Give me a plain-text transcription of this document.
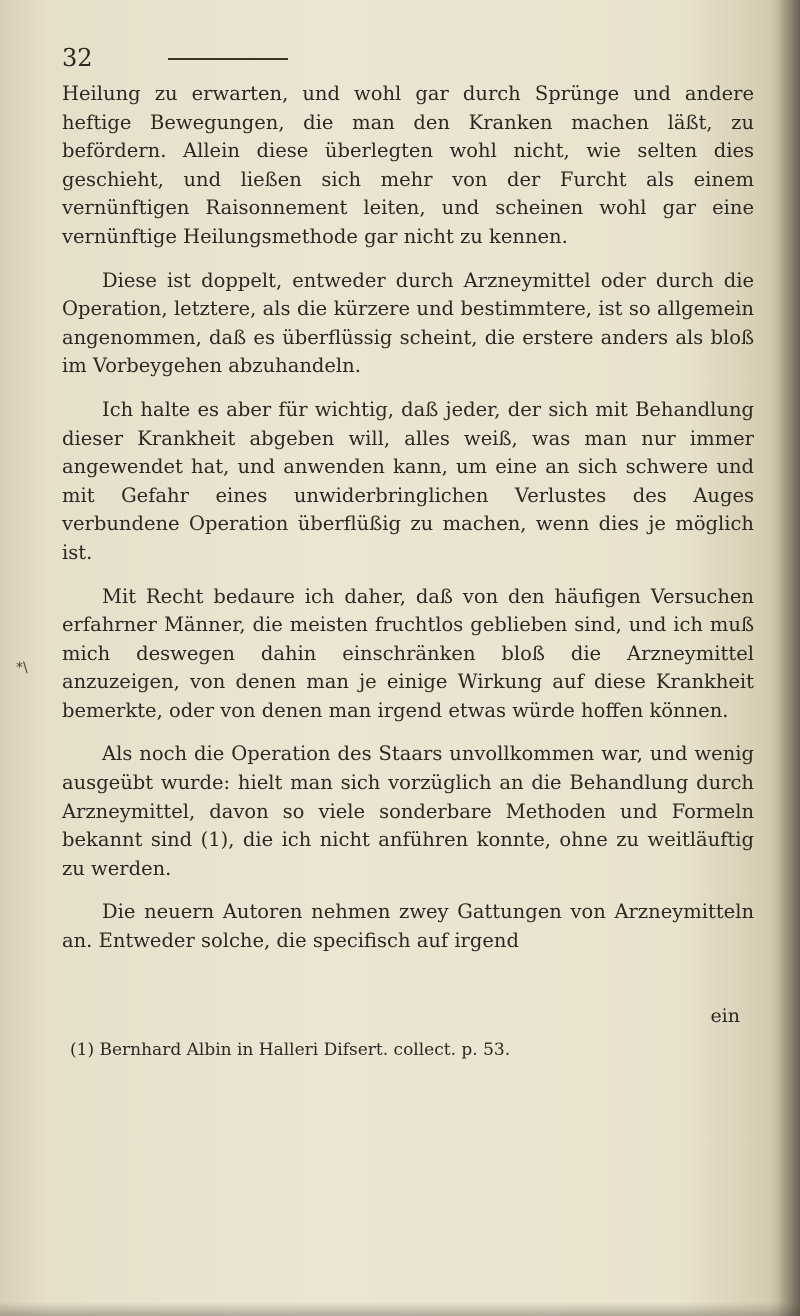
32

Heilung zu erwarten, und wohl gar durch Sprünge und andere heftige Bewegungen, die man den Kranken machen läßt, zu befördern. Allein diese überlegten wohl nicht, wie selten dies geschieht, und ließen sich mehr von der Furcht als einem vernünftigen Raisonnement leiten, und scheinen wohl gar eine vernünftige Heilungsmethode gar nicht zu kennen.

Diese ist doppelt, entweder durch Arzneymittel oder durch die Operation, letztere, als die kürzere und bestimmtere, ist so allgemein angenommen, daß es überflüssig scheint, die erstere anders als bloß im Vorbeygehen abzuhandeln.

Ich halte es aber für wichtig, daß jeder, der sich mit Behandlung dieser Krankheit abgeben will, alles weiß, was man nur immer angewendet hat, und anwenden kann, um eine an sich schwere und mit Gefahr eines unwiderbringlichen Verlustes des Auges verbundene Operation überflüßig zu machen, wenn dies je möglich ist.

Mit Recht bedaure ich daher, daß von den häufigen Versuchen erfahrner Männer, die meisten fruchtlos geblieben sind, und ich muß mich deswegen dahin einschränken bloß die Arzneymittel anzuzeigen, von denen man je einige Wirkung auf diese Krankheit bemerkte, oder von denen man irgend etwas würde hoffen können.

Als noch die Operation des Staars unvollkommen war, und wenig ausgeübt wurde: hielt man sich vorzüglich an die Behandlung durch Arzneymittel, davon so viele sonderbare Methoden und Formeln bekannt sind (1), die ich nicht anführen konnte, ohne zu weitläuftig zu werden.

Die neuern Autoren nehmen zwey Gattungen von Arzneymitteln an. Entweder solche, die specifisch auf irgend

ein
(1) Bernhard Albin in Halleri Difsert. collect. p. 53.
*\
